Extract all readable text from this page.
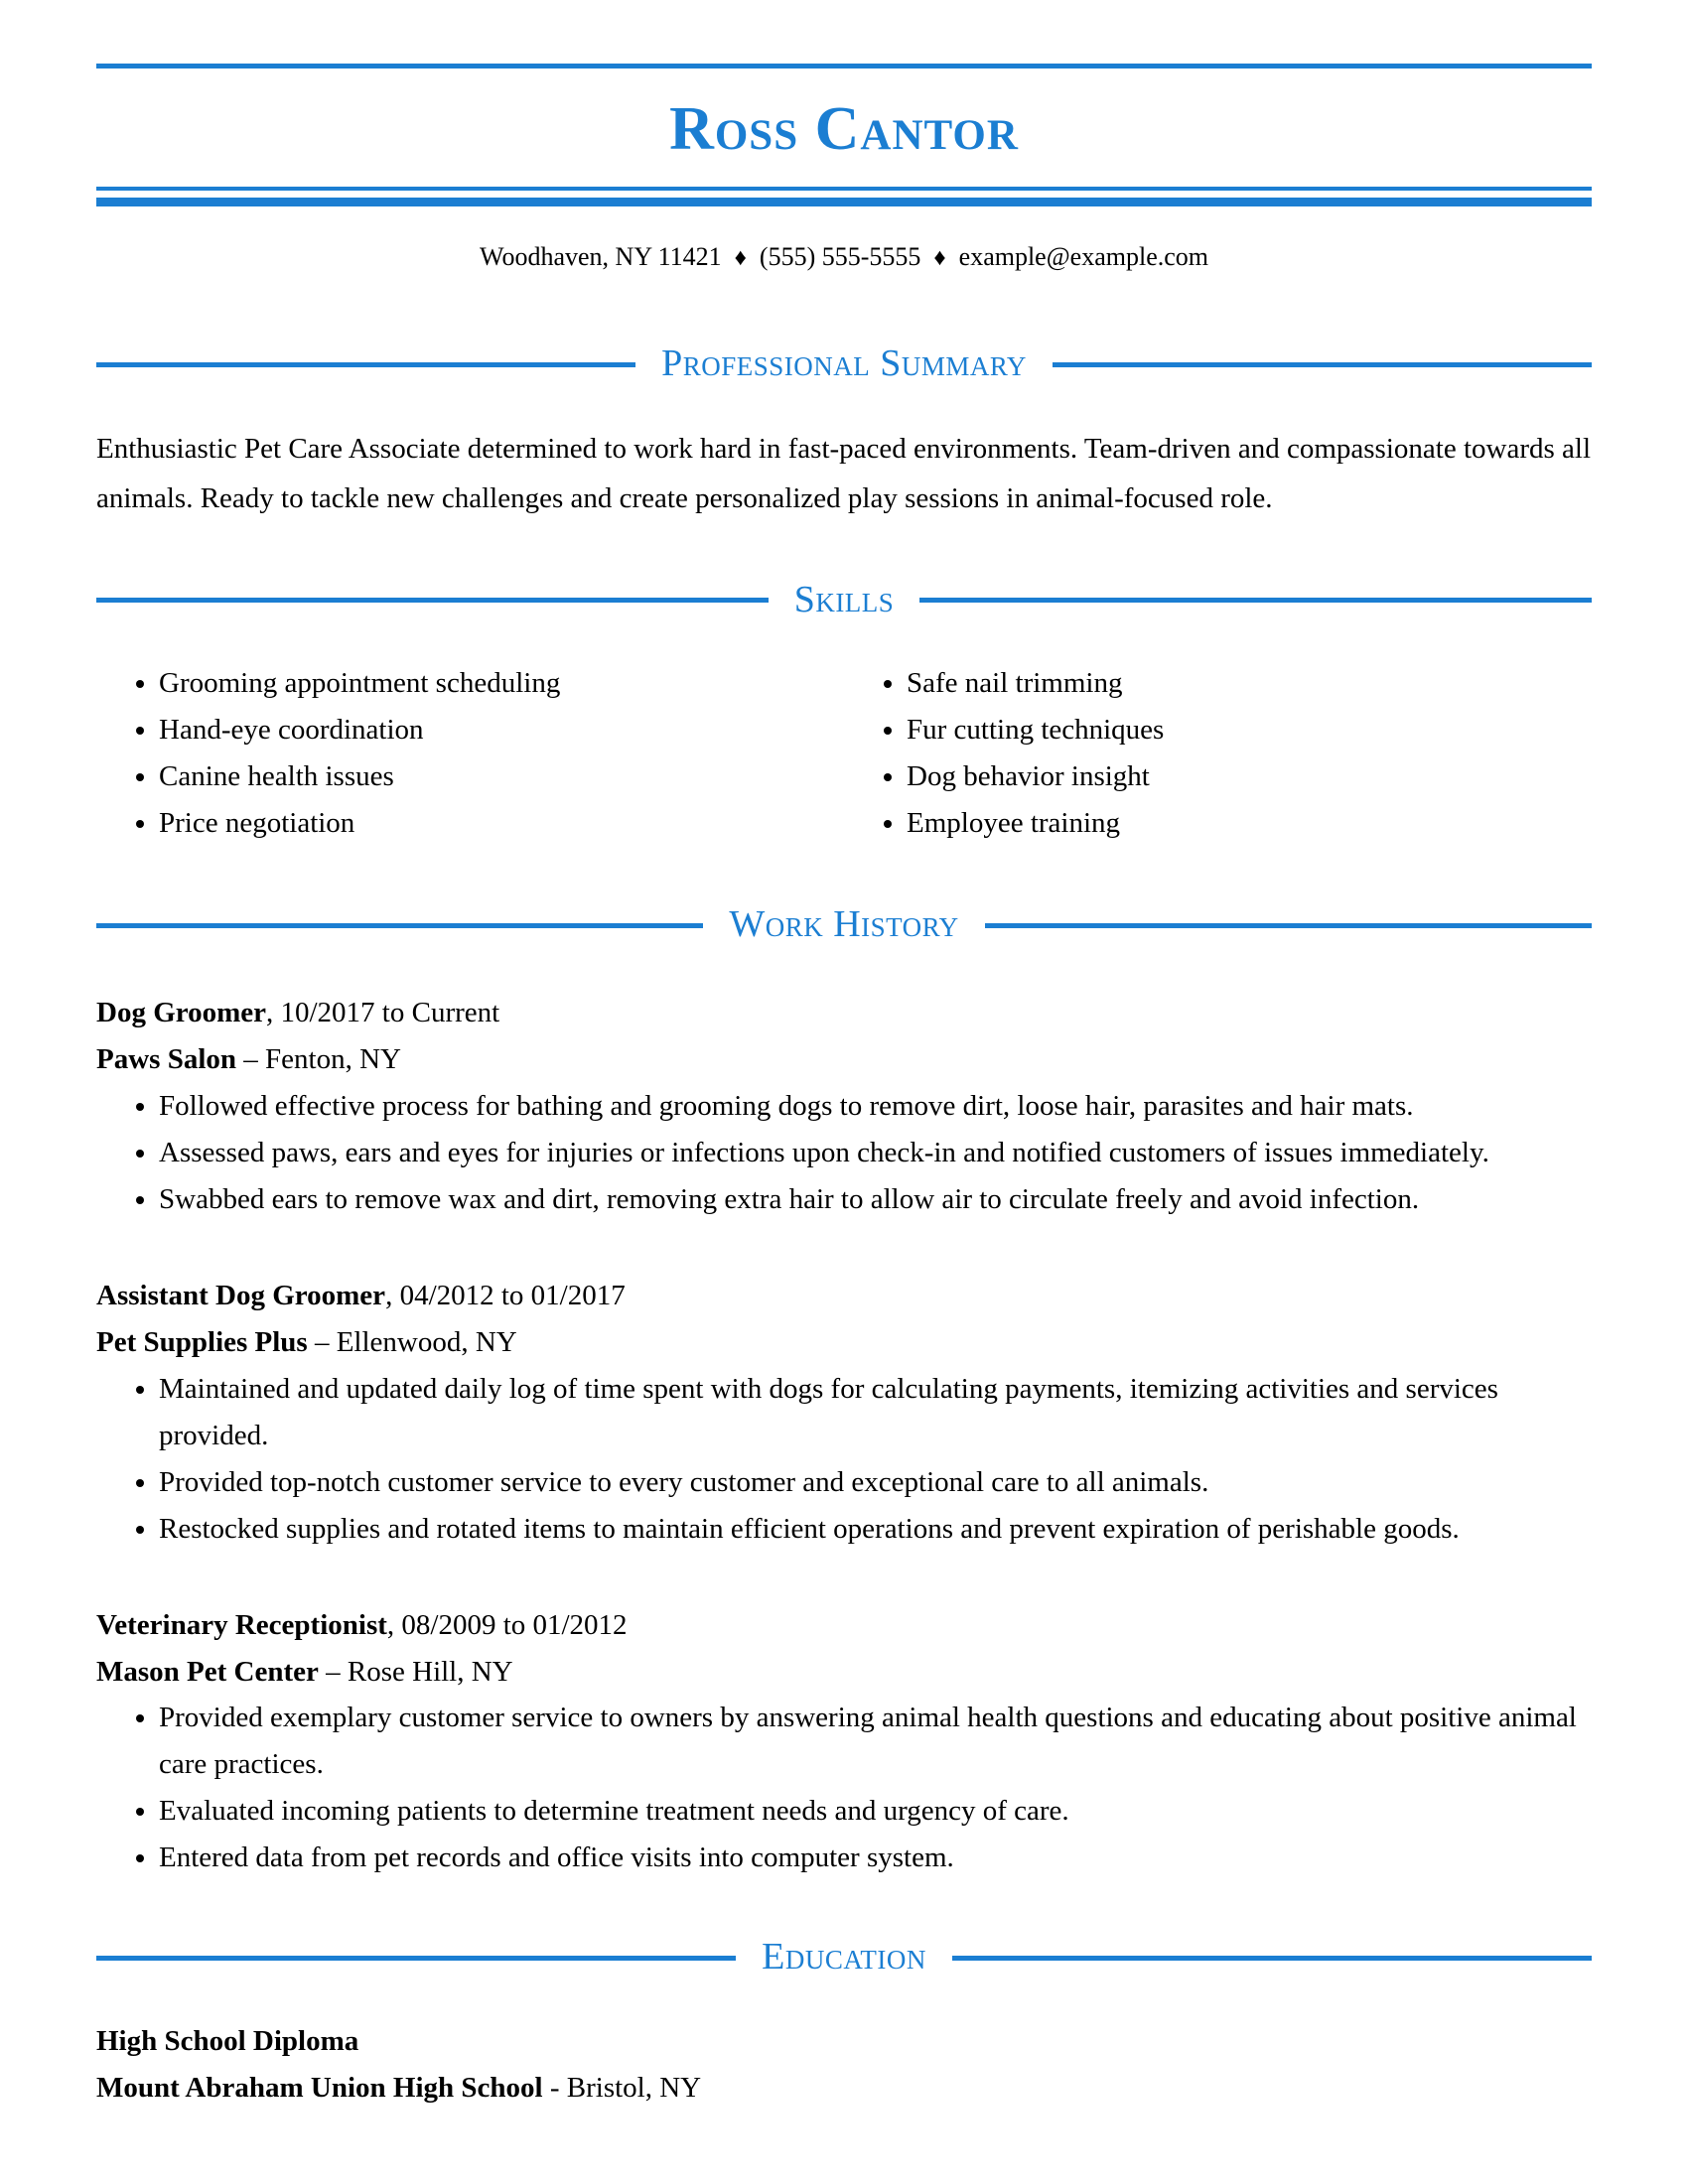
Ross Cantor
Woodhaven, NY 11421 ♦ (555) 555-5555 ♦ example@example.com
Professional Summary

Enthusiastic Pet Care Associate determined to work hard in fast-paced environments. Team-driven and compassionate towards all animals. Ready to tackle new challenges and create personalized play sessions in animal-focused role.

Skills
• Grooming appointment scheduling
• Hand-eye coordination
• Canine health issues
• Price negotiation
• Safe nail trimming
• Fur cutting techniques
• Dog behavior insight
• Employee training
Work History
Dog Groomer, 10/2017 to Current
Paws Salon – Fenton, NY
• Followed effective process for bathing and grooming dogs to remove dirt, loose hair, parasites and hair mats.
• Assessed paws, ears and eyes for injuries or infections upon check-in and notified customers of issues immediately.
• Swabbed ears to remove wax and dirt, removing extra hair to allow air to circulate freely and avoid infection.
Assistant Dog Groomer, 04/2012 to 01/2017
Pet Supplies Plus – Ellenwood, NY
• Maintained and updated daily log of time spent with dogs for calculating payments, itemizing activities and services provided.
• Provided top-notch customer service to every customer and exceptional care to all animals.
• Restocked supplies and rotated items to maintain efficient operations and prevent expiration of perishable goods.
Veterinary Receptionist, 08/2009 to 01/2012
Mason Pet Center – Rose Hill, NY
• Provided exemplary customer service to owners by answering animal health questions and educating about positive animal care practices.
• Evaluated incoming patients to determine treatment needs and urgency of care.
• Entered data from pet records and office visits into computer system.
Education
High School Diploma
Mount Abraham Union High School - Bristol, NY
